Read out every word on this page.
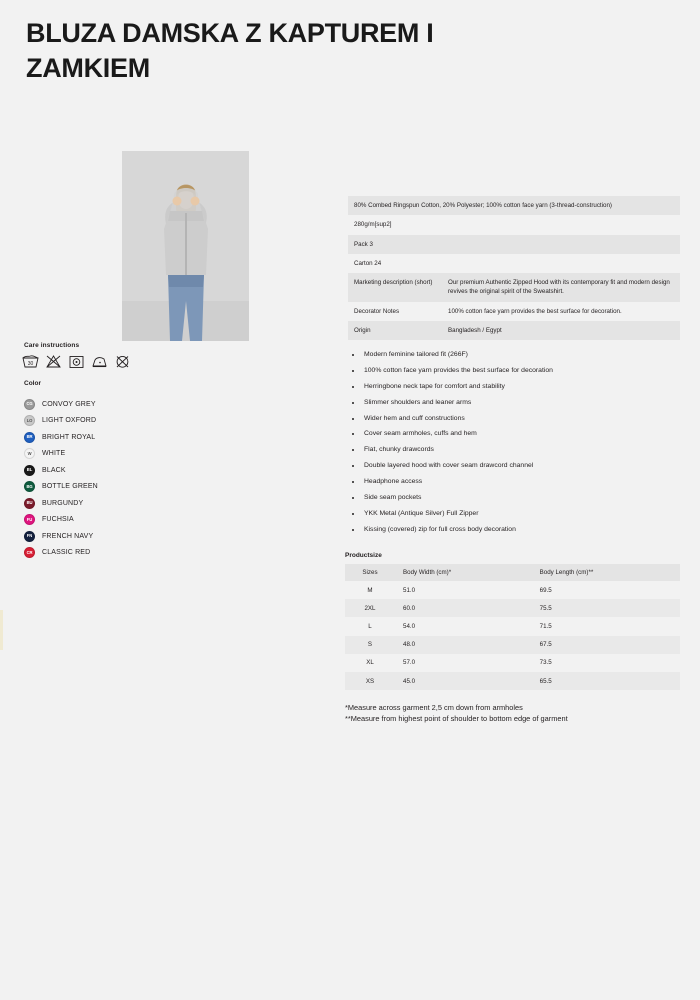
BLUZA DAMSKA Z KAPTUREM I ZAMKIEM
Care instructions
30
Color
CG	CONVOY GREY
LO	LIGHT OXFORD
BR	BRIGHT ROYAL
W	WHITE
BL	BLACK
BG	BOTTLE GREEN
BU	BURGUNDY
FU	FUCHSIA
FN	FRENCH NAVY
CR	CLASSIC RED
80% Combed Ringspun Cotton, 20% Polyester; 100% cotton face yarn (3-thread-construction)	
280g/m[sup2]	
Pack 3	
Carton 24	
Marketing description (short)	Our premium Authentic Zipped Hood with its contemporary fit and modern design revives the original spirit of the Sweatshirt.
Decorator Notes	100% cotton face yarn provides the best surface for decoration.
Origin	Bangladesh / Egypt
• Modern feminine tailored fit (266F)
• 100% cotton face yarn provides the best surface for decoration
• Herringbone neck tape for comfort and stability
• Slimmer shoulders and leaner arms
• Wider hem and cuff constructions
• Cover seam armholes, cuffs and hem
• Flat, chunky drawcords
• Double layered hood with cover seam drawcord channel
• Headphone access
• Side seam pockets
• YKK Metal (Antique Silver) Full Zipper
• Kissing (covered) zip for full cross body decoration
Productsize
Sizes	Body Width (cm)*	Body Length (cm)**
M	51.0	69.5
2XL	60.0	75.5
L	54.0	71.5
S	48.0	67.5
XL	57.0	73.5
XS	45.0	65.5
*Measure across garment 2,5 cm down from armholes
**Measure from highest point of shoulder to bottom edge of garment
